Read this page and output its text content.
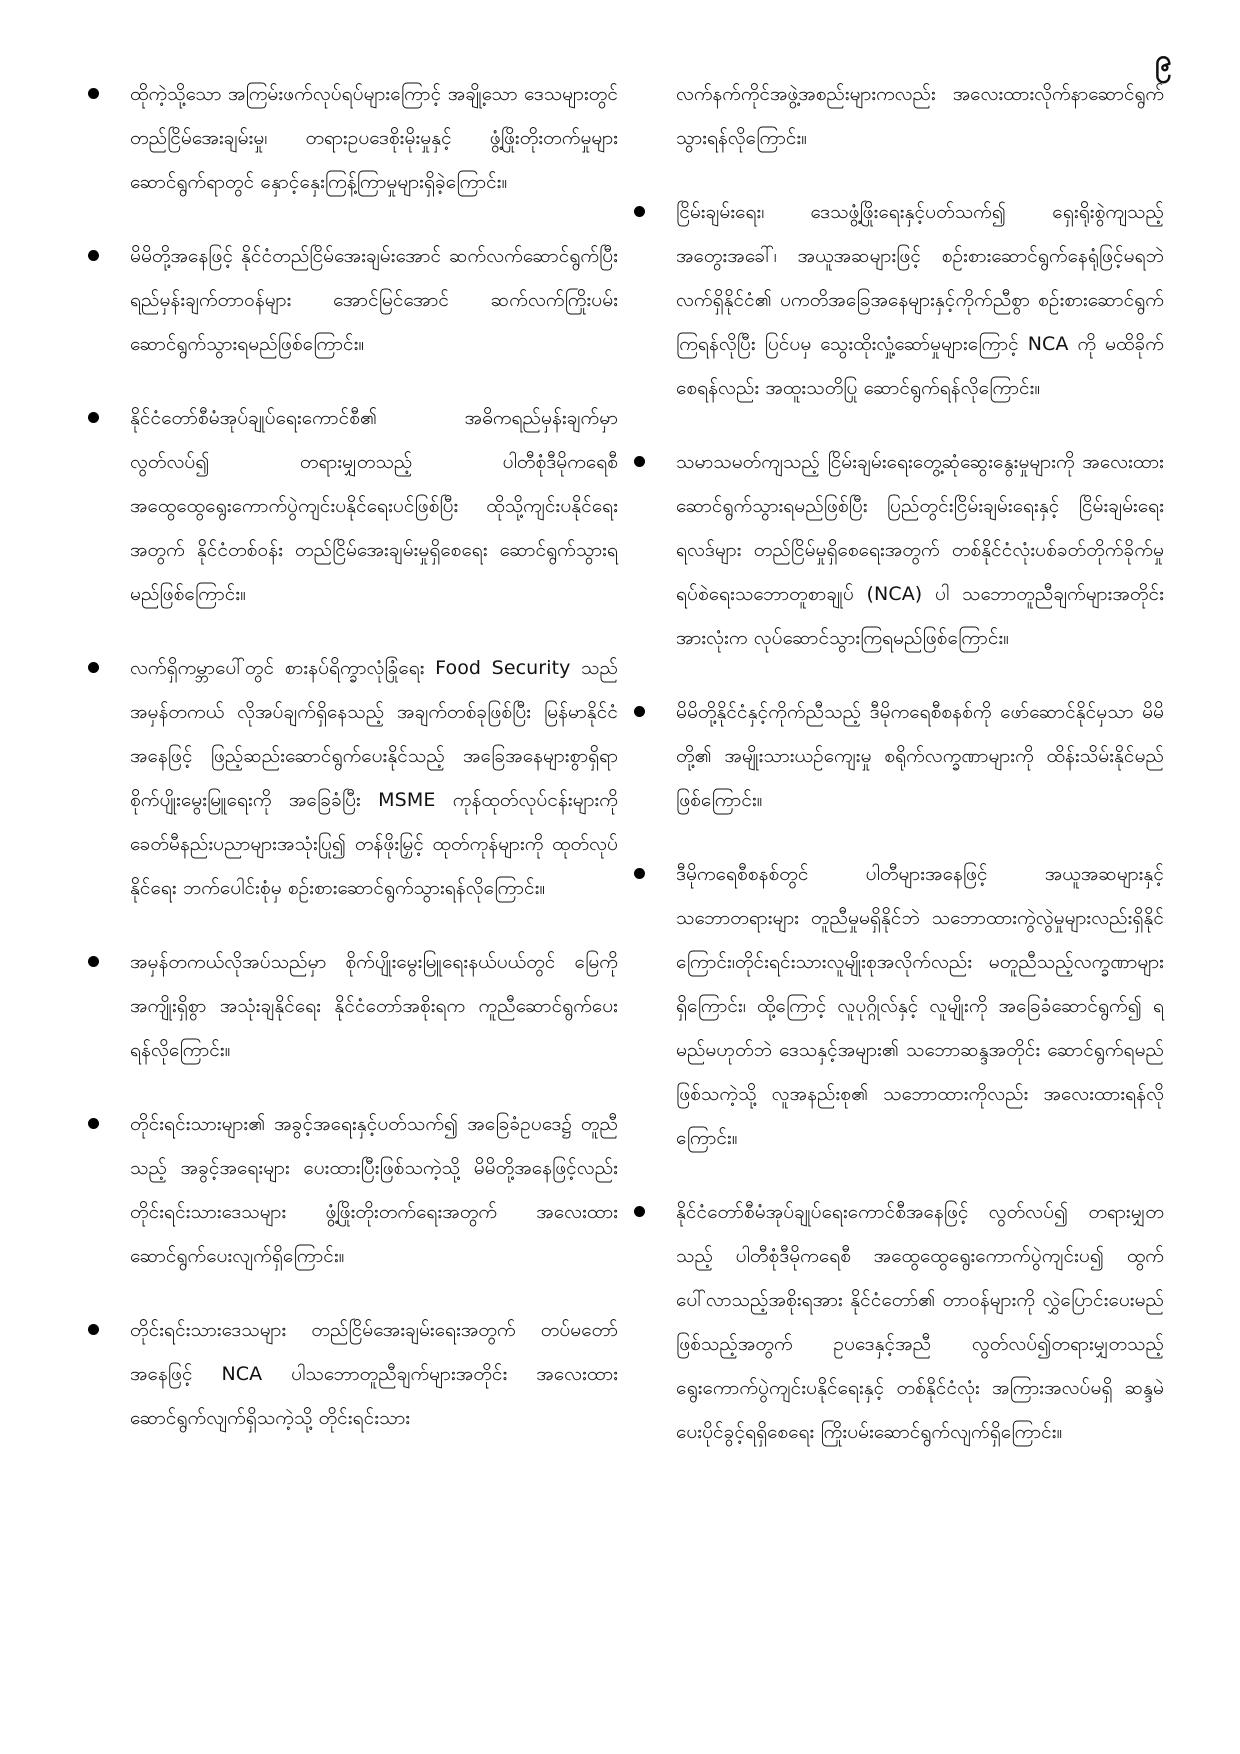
၉
ထိုကဲ့သို့သော အကြမ်းဖက်လုပ်ရပ်များကြောင့် အချို့သော ဒေသများတွင် တည်ငြိမ်အေးချမ်းမှု၊ တရားဥပဒေစိုးမိုးမှုနှင့် ဖွံ့ဖြိုးတိုးတက်မှုများ ဆောင်ရွက်ရာတွင် နှောင့်နှေးကြန့်ကြာမှုများရှိခဲ့ကြောင်း။
မိမိတို့အနေဖြင့် နိုင်ငံတည်ငြိမ်အေးချမ်းအောင် ဆက်လက်ဆောင်ရွက်ပြီး ရည်မှန်းချက်တာဝန်များ အောင်မြင်အောင် ဆက်လက်ကြိုးပမ်းဆောင်ရွက်သွားရမည်ဖြစ်ကြောင်း။
နိုင်ငံတော်စီမံအုပ်ချုပ်ရေးကောင်စီ၏ အဓိကရည်မှန်းချက်မှာ လွတ်လပ်၍ တရားမျှတသည့် ပါတီစုံဒီမိုကရေစီ အထွေထွေရွေးကောက်ပွဲကျင်းပနိုင်ရေးပင်ဖြစ်ပြီး ထိုသို့ကျင်းပနိုင်ရေးအတွက် နိုင်ငံတစ်ဝန်း တည်ငြိမ်အေးချမ်းမှုရှိစေရေး ဆောင်ရွက်သွားရမည်ဖြစ်ကြောင်း။
လက်ရှိကမ္ဘာပေါ်တွင် စားနပ်ရိက္ခာလုံခြုံရေး Food Security သည် အမှန်တကယ် လိုအပ်ချက်ရှိနေသည့် အချက်တစ်ခုဖြစ်ပြီး မြန်မာနိုင်ငံအနေဖြင့် ဖြည့်ဆည်းဆောင်ရွက်ပေးနိုင်သည့် အခြေအနေများစွာရှိရာ စိုက်ပျိုးမွေးမြူရေးကို အခြေခံပြီး MSME ကုန်ထုတ်လုပ်ငန်းများကို ခေတ်မီနည်းပညာများအသုံးပြု၍ တန်ဖိုးမြှင့် ထုတ်ကုန်များကို ထုတ်လုပ်နိုင်ရေး ဘက်ပေါင်းစုံမှ စဉ်းစားဆောင်ရွက်သွားရန်လိုကြောင်း။
အမှန်တကယ်လိုအပ်သည်မှာ စိုက်ပျိုးမွေးမြူရေးနယ်ပယ်တွင် မြေကိုအကျိုးရှိစွာ အသုံးချနိုင်ရေး နိုင်ငံတော်အစိုးရက ကူညီဆောင်ရွက်ပေးရန်လိုကြောင်း။
တိုင်းရင်းသားများ၏ အခွင့်အရေးနှင့်ပတ်သက်၍ အခြေခံဥပဒေ၌ တူညီသည့် အခွင့်အရေးများ ပေးထားပြီးဖြစ်သကဲ့သို့ မိမိတို့အနေဖြင့်လည်း တိုင်းရင်းသားဒေသများ ဖွံ့ဖြိုးတိုးတက်ရေးအတွက် အလေးထားဆောင်ရွက်ပေးလျက်ရှိကြောင်း။
တိုင်းရင်းသားဒေသများ တည်ငြိမ်အေးချမ်းရေးအတွက် တပ်မတော်အနေဖြင့် NCA ပါသဘောတူညီချက်များအတိုင်း အလေးထားဆောင်ရွက်လျက်ရှိသကဲ့သို့ တိုင်းရင်းသား
လက်နက်ကိုင်အဖွဲ့အစည်းများကလည်း အလေးထားလိုက်နာဆောင်ရွက်သွားရန်လိုကြောင်း။
ငြိမ်းချမ်းရေး၊ ဒေသဖွံ့ဖြိုးရေးနှင့်ပတ်သက်၍ ရှေးရိုးစွဲကျသည့် အတွေးအခေါ်၊ အယူအဆများဖြင့် စဉ်းစားဆောင်ရွက်နေရုံဖြင့်မရဘဲ လက်ရှိနိုင်ငံ၏ ပကတိအခြေအနေများနှင့်ကိုက်ညီစွာ စဉ်းစားဆောင်ရွက်ကြရန်လိုပြီး ပြင်ပမှ သွေးထိုးလှုံ့ဆော်မှုများကြောင့် NCA ကို မထိခိုက်စေရန်လည်း အထူးသတိပြု ဆောင်ရွက်ရန်လိုကြောင်း။
သမာသမတ်ကျသည့် ငြိမ်းချမ်းရေးတွေ့ဆုံဆွေးနွေးမှုများကို အလေးထား ဆောင်ရွက်သွားရမည်ဖြစ်ပြီး ပြည်တွင်းငြိမ်းချမ်းရေးနှင့် ငြိမ်းချမ်းရေးရလဒ်များ တည်ငြိမ်မှုရှိစေရေးအတွက် တစ်နိုင်ငံလုံးပစ်ခတ်တိုက်ခိုက်မှု ရပ်စဲရေးသဘောတူစာချုပ် (NCA) ပါ သဘောတူညီချက်များအတိုင်း အားလုံးက လုပ်ဆောင်သွားကြရမည်ဖြစ်ကြောင်း။
မိမိတို့နိုင်ငံနှင့်ကိုက်ညီသည့် ဒီမိုကရေစီစနစ်ကို ဖော်ဆောင်နိုင်မှသာ မိမိတို့၏ အမျိုးသားယဉ်ကျေးမှု စရိုက်လက္ခဏာများကို ထိန်းသိမ်းနိုင်မည်ဖြစ်ကြောင်း။
ဒီမိုကရေစီစနစ်တွင် ပါတီများအနေဖြင့် အယူအဆများနှင့် သဘောတရားများ တူညီမှုမရှိနိုင်ဘဲ သဘောထားကွဲလွဲမှုများလည်းရှိနိုင်ကြောင်း၊တိုင်းရင်းသားလူမျိုးစုအလိုက်လည်း မတူညီသည့်လက္ခဏာများရှိကြောင်း၊ ထို့ကြောင့် လူပုဂ္ဂိုလ်နှင့် လူမျိုးကို အခြေခံဆောင်ရွက်၍ ရမည်မဟုတ်ဘဲ ဒေသနှင့်အများ၏ သဘောဆန္ဒအတိုင်း ဆောင်ရွက်ရမည်ဖြစ်သကဲ့သို့ လူအနည်းစု၏ သဘောထားကိုလည်း အလေးထားရန်လိုကြောင်း။
နိုင်ငံတော်စီမံအုပ်ချုပ်ရေးကောင်စီအနေဖြင့် လွတ်လပ်၍ တရားမျှတသည့် ပါတီစုံဒီမိုကရေစီ အထွေထွေရွေးကောက်ပွဲကျင်းပ၍ ထွက်ပေါ်လာသည့်အစိုးရအား နိုင်ငံတော်၏ တာဝန်များကို လွှဲပြောင်းပေးမည်ဖြစ်သည့်အတွက် ဥပဒေနှင့်အညီ လွတ်လပ်၍တရားမျှတသည့် ရွေးကောက်ပွဲကျင်းပနိုင်ရေးနှင့် တစ်နိုင်ငံလုံး အကြားအလပ်မရှိ ဆန္ဒမဲပေးပိုင်ခွင့်ရရှိစေရေး ကြိုးပမ်းဆောင်ရွက်လျက်ရှိကြောင်း။
